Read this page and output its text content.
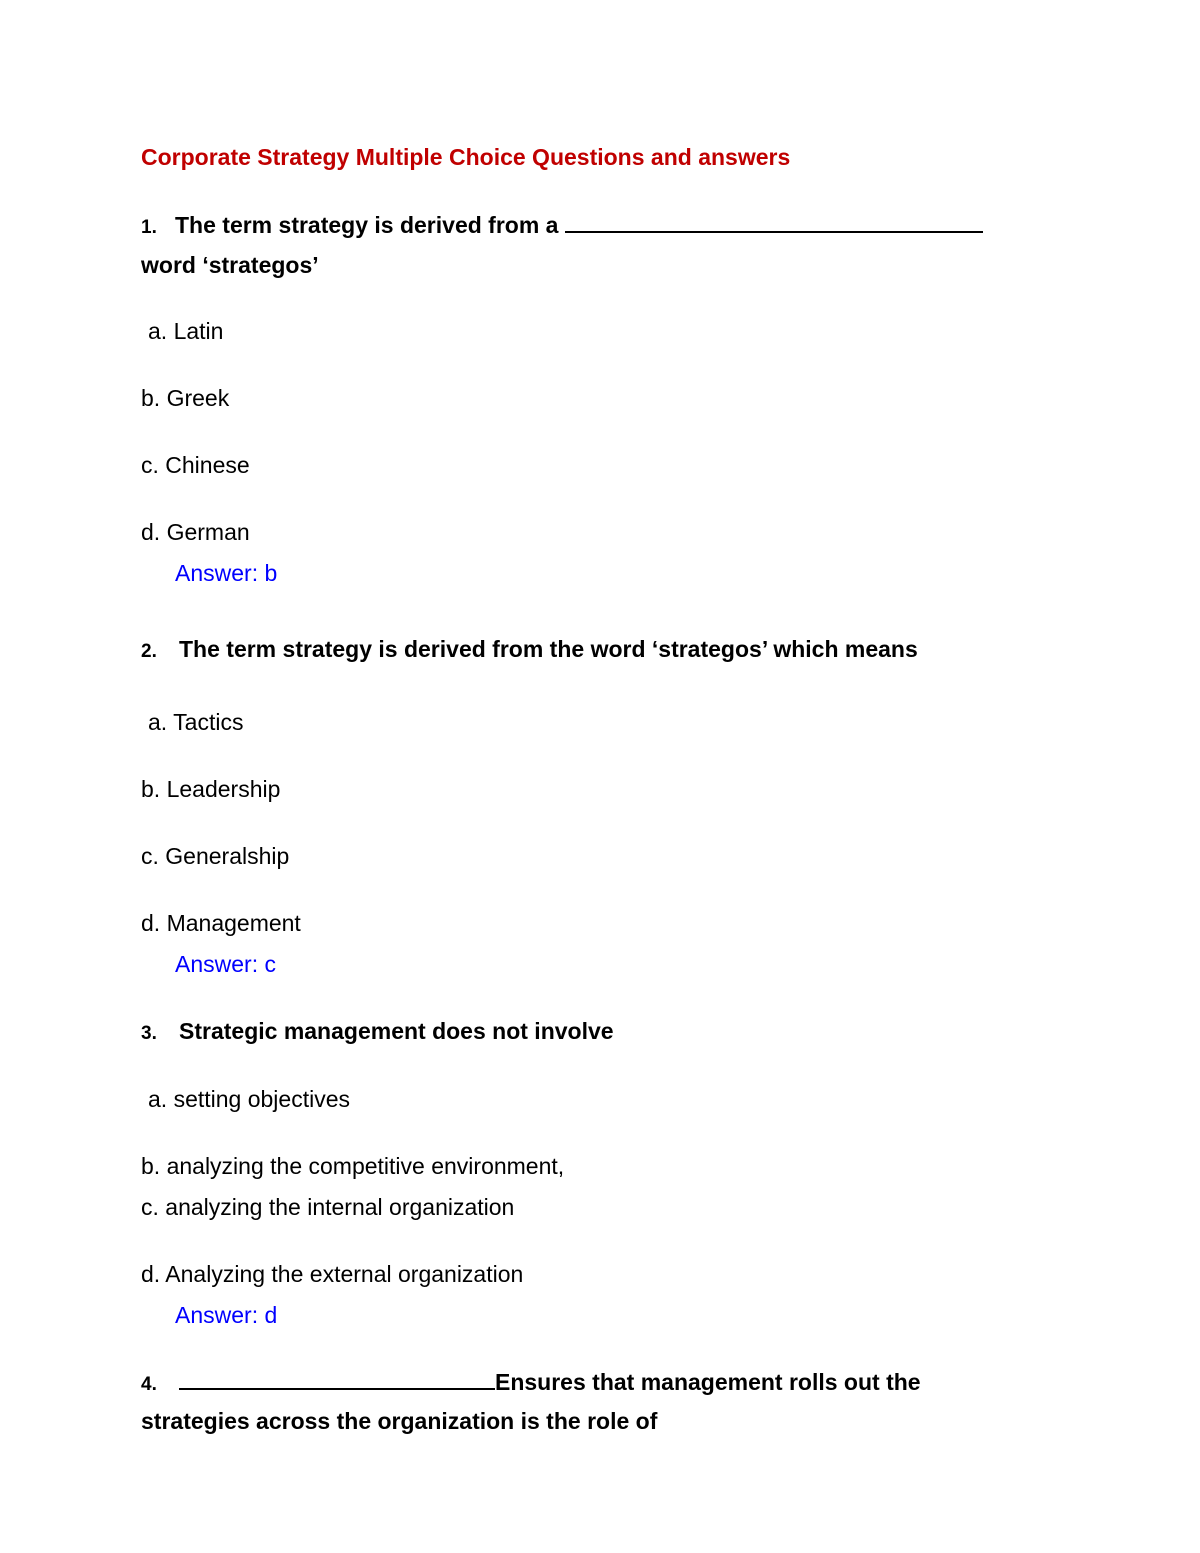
Corporate Strategy Multiple Choice Questions and answers
1. The term strategy is derived from a
word ‘strategos’
a. Latin
b. Greek
c. Chinese
d. German
Answer: b
2. The term strategy is derived from the word ‘strategos’ which means
a. Tactics
b. Leadership
c. Generalship
d. Management
Answer: c
3. Strategic management does not involve
a. setting objectives
b. analyzing the competitive environment,
c. analyzing the internal organization
d. Analyzing the external organization
Answer: d
4.	Ensures that management rolls out the
strategies across the organization is the role of
